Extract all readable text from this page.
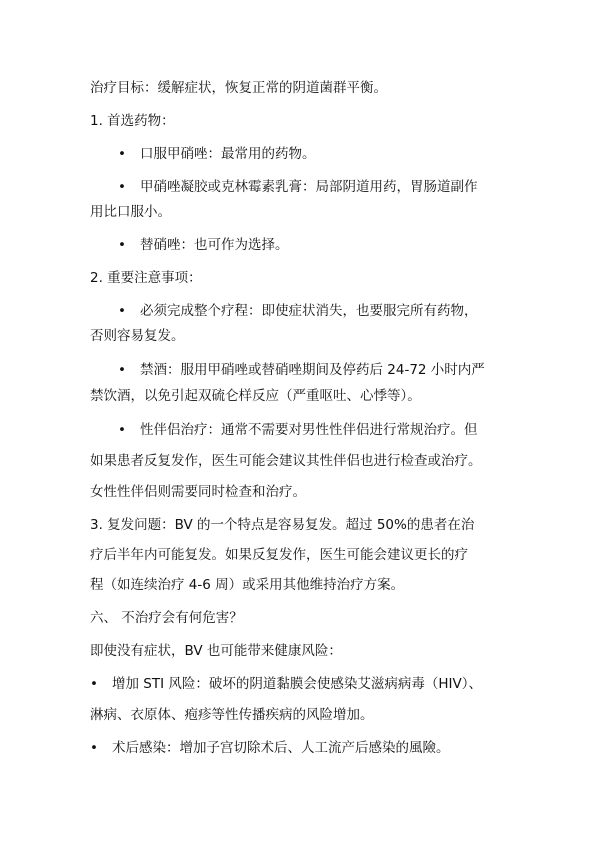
治疗目标：缓解症状，恢复正常的阴道菌群平衡。
1. 首选药物：
• 口服甲硝唑：最常用的药物。
• 甲硝唑凝胶或克林霉素乳膏：局部阴道用药，胃肠道副作
用比口服小。
• 替硝唑：也可作为选择。
2. 重要注意事项：
• 必须完成整个疗程：即使症状消失，也要服完所有药物，
否则容易复发。
• 禁酒：服用甲硝唑或替硝唑期间及停药后 24-72 小时内严
禁饮酒，以免引起双硫仑样反应（严重呕吐、心悸等）。
• 性伴侣治疗：通常不需要对男性性伴侣进行常规治疗。但
如果患者反复发作，医生可能会建议其性伴侣也进行检查或治疗。
女性性伴侣则需要同时检查和治疗。
3. 复发问题：BV 的一个特点是容易复发。超过 50%的患者在治
疗后半年内可能复发。如果反复发作，医生可能会建议更长的疗
程（如连续治疗 4-6 周）或采用其他维持治疗方案。
六、 不治疗会有何危害？
即使没有症状，BV 也可能带来健康风险：
• 增加 STI 风险：破坏的阴道黏膜会使感染艾滋病病毒（HIV）、
淋病、衣原体、疱疹等性传播疾病的风险增加。
• 术后感染：增加子宫切除术后、人工流产后感染的風險。
